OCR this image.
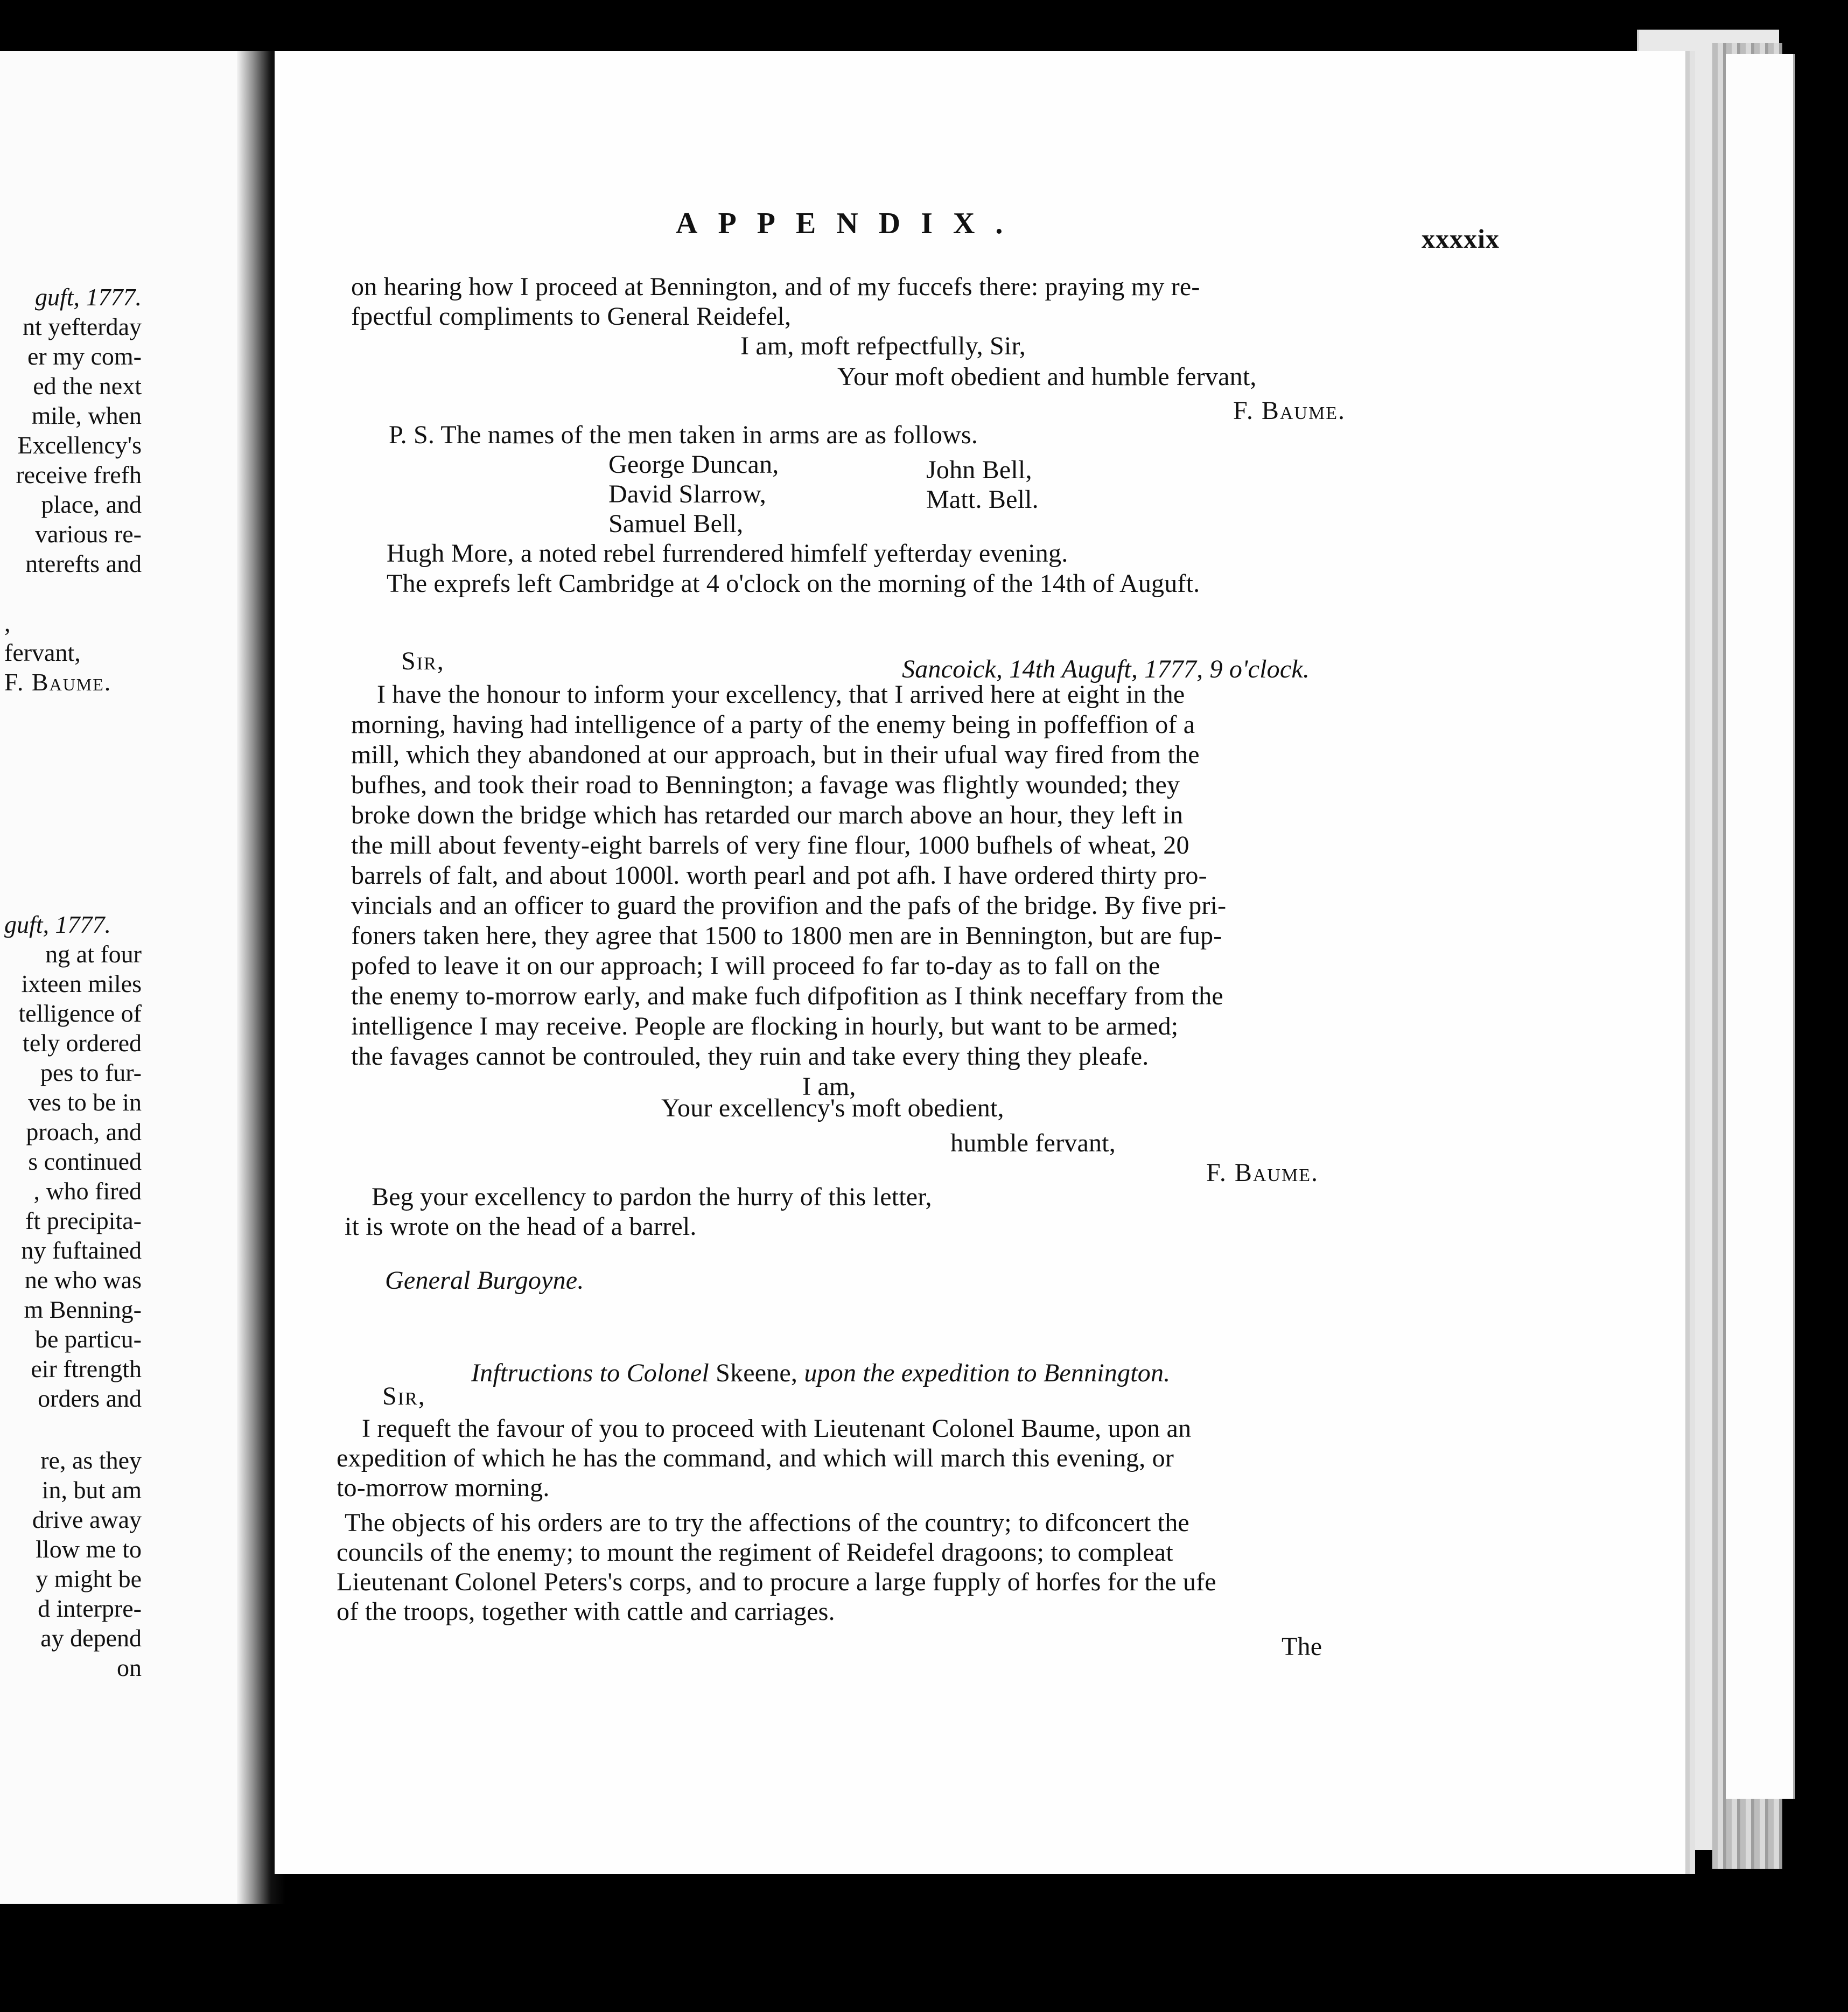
guft, 1777.
nt yefterday
er my com-
ed the next
mile, when
Excellency's
receive frefh
place, and
various re-
nterefts and
,
fervant,
F. Baume.
guft, 1777.
ng at four
ixteen miles
telligence of
tely ordered
pes to fur-
ves to be in
proach, and
s continued
, who fired
ft precipita-
ny fuftained
ne who was
m Benning-
be particu-
eir ftrength
orders and
re, as they
in, but am
drive away
llow me to
y might be
d interpre-
ay depend
on
APPENDIX.	xxxxix
on hearing how I proceed at Bennington, and of my fuccefs there: praying my re-
fpectful compliments to General Reidefel,
I am, moft refpectfully, Sir,
Your moft obedient and humble fervant,
F. Baume.
P. S. The names of the men taken in arms are as follows.
George Duncan,
David Slarrow,
Samuel Bell,
John Bell,
Matt. Bell.
Hugh More, a noted rebel furrendered himfelf yefterday evening.
The exprefs left Cambridge at 4 o'clock on the morning of the 14th of Auguft.
Sir,	Sancoick, 14th Auguft, 1777, 9 o'clock.
I have the honour to inform your excellency, that I arrived here at eight in the
morning, having had intelligence of a party of the enemy being in poffeffion of a
mill, which they abandoned at our approach, but in their ufual way fired from the
bufhes, and took their road to Bennington; a favage was flightly wounded; they
broke down the bridge which has retarded our march above an hour, they left in
the mill about feventy-eight barrels of very fine flour, 1000 bufhels of wheat, 20
barrels of falt, and about 1000l. worth pearl and pot afh. I have ordered thirty pro-
vincials and an officer to guard the provifion and the pafs of the bridge. By five pri-
foners taken here, they agree that 1500 to 1800 men are in Bennington, but are fup-
pofed to leave it on our approach; I will proceed fo far to-day as to fall on the
the enemy to-morrow early, and make fuch difpofition as I think neceffary from the
intelligence I may receive. People are flocking in hourly, but want to be armed;
the favages cannot be controuled, they ruin and take every thing they pleafe.
I am,
Your excellency's moft obedient,
humble fervant,
F. Baume.
Beg your excellency to pardon the hurry of this letter,
it is wrote on the head of a barrel.
General Burgoyne.
Inftructions to Colonel Skeene, upon the expedition to Bennington.
Sir,
I requeft the favour of you to proceed with Lieutenant Colonel Baume, upon an
expedition of which he has the command, and which will march this evening, or
to-morrow morning.
The objects of his orders are to try the affections of the country; to difconcert the
councils of the enemy; to mount the regiment of Reidefel dragoons; to compleat
Lieutenant Colonel Peters's corps, and to procure a large fupply of horfes for the ufe
of the troops, together with cattle and carriages.
The
